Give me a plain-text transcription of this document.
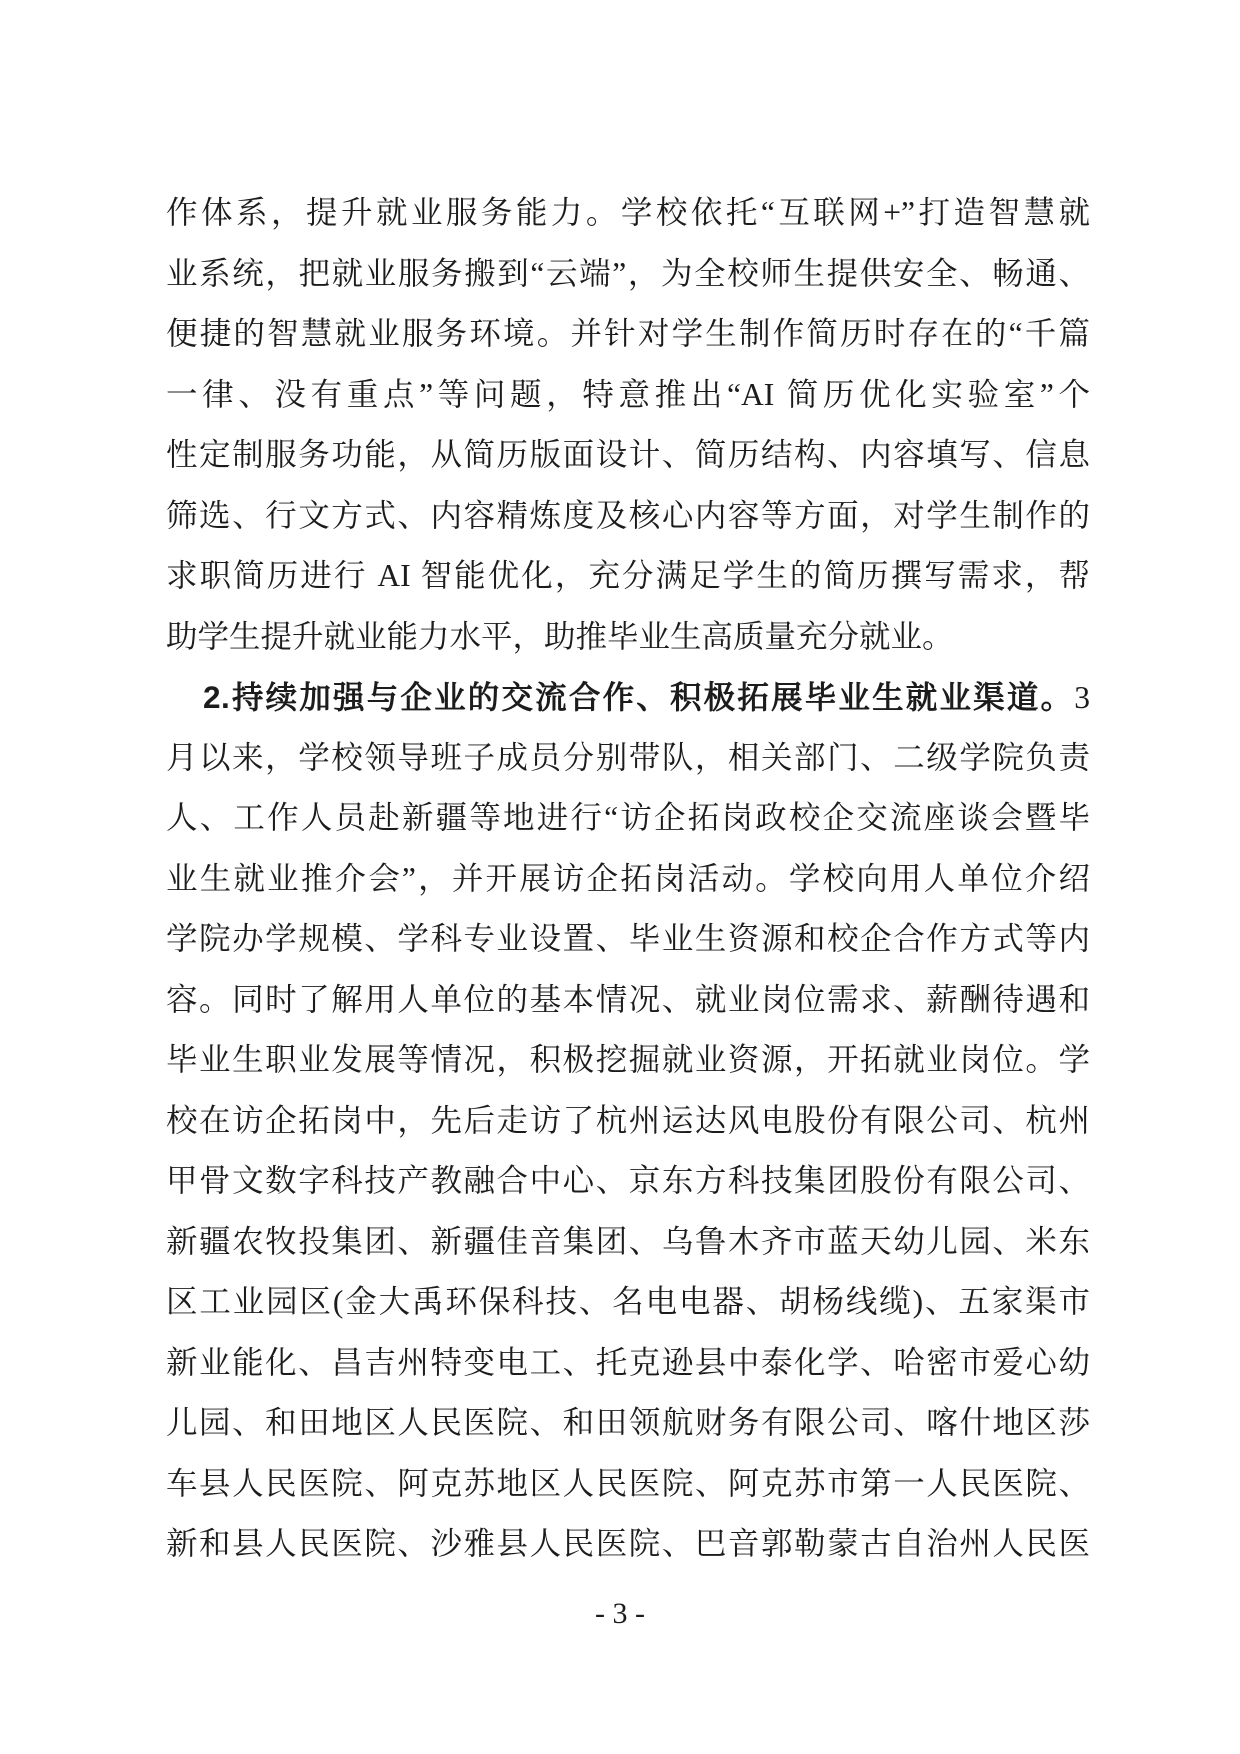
作体系，提升就业服务能力。学校依托“互联网+”打造智慧就
业系统，把就业服务搬到“云端”，为全校师生提供安全、畅通、
便捷的智慧就业服务环境。并针对学生制作简历时存在的“千篇
一律、没有重点”等问题，特意推出“AI 简历优化实验室”个
性定制服务功能，从简历版面设计、简历结构、内容填写、信息
筛选、行文方式、内容精炼度及核心内容等方面，对学生制作的
求职简历进行 AI 智能优化，充分满足学生的简历撰写需求，帮
助学生提升就业能力水平，助推毕业生高质量充分就业。
2.持续加强与企业的交流合作、积极拓展毕业生就业渠道。3
月以来，学校领导班子成员分别带队，相关部门、二级学院负责
人、工作人员赴新疆等地进行“访企拓岗政校企交流座谈会暨毕
业生就业推介会”，并开展访企拓岗活动。学校向用人单位介绍
学院办学规模、学科专业设置、毕业生资源和校企合作方式等内
容。同时了解用人单位的基本情况、就业岗位需求、薪酬待遇和
毕业生职业发展等情况，积极挖掘就业资源，开拓就业岗位。学
校在访企拓岗中，先后走访了杭州运达风电股份有限公司、杭州
甲骨文数字科技产教融合中心、京东方科技集团股份有限公司、
新疆农牧投集团、新疆佳音集团、乌鲁木齐市蓝天幼儿园、米东
区工业园区(金大禹环保科技、名电电器、胡杨线缆)、五家渠市
新业能化、昌吉州特变电工、托克逊县中泰化学、哈密市爱心幼
儿园、和田地区人民医院、和田领航财务有限公司、喀什地区莎
车县人民医院、阿克苏地区人民医院、阿克苏市第一人民医院、
新和县人民医院、沙雅县人民医院、巴音郭勒蒙古自治州人民医
- 3 -
